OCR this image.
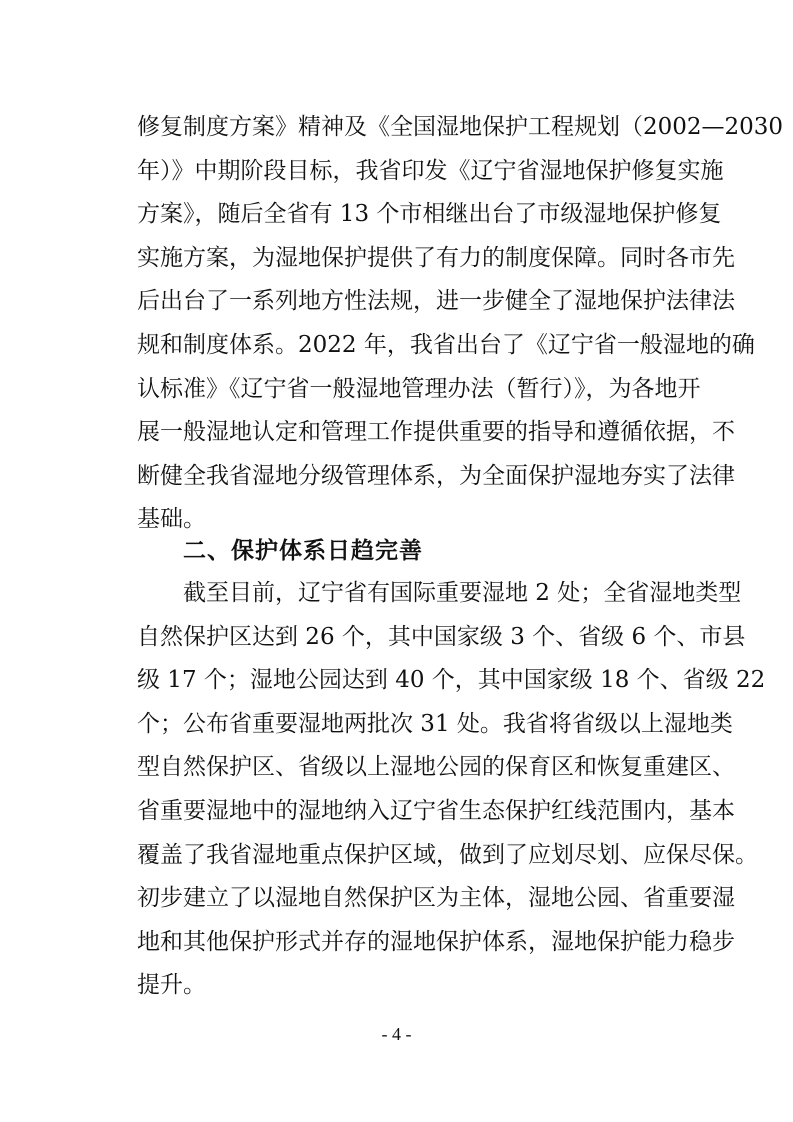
修复制度方案》精神及《全国湿地保护工程规划（2002—2030
年）》中期阶段目标，我省印发《辽宁省湿地保护修复实施
方案》，随后全省有 13 个市相继出台了市级湿地保护修复
实施方案，为湿地保护提供了有力的制度保障。同时各市先
后出台了一系列地方性法规，进一步健全了湿地保护法律法
规和制度体系。2022 年，我省出台了《辽宁省一般湿地的确
认标准》《辽宁省一般湿地管理办法（暂行）》，为各地开
展一般湿地认定和管理工作提供重要的指导和遵循依据，不
断健全我省湿地分级管理体系，为全面保护湿地夯实了法律
基础。
二、保护体系日趋完善
截至目前，辽宁省有国际重要湿地 2 处；全省湿地类型
自然保护区达到 26 个，其中国家级 3 个、省级 6 个、市县
级 17 个；湿地公园达到 40 个，其中国家级 18 个、省级 22
个；公布省重要湿地两批次 31 处。我省将省级以上湿地类
型自然保护区、省级以上湿地公园的保育区和恢复重建区、
省重要湿地中的湿地纳入辽宁省生态保护红线范围内，基本
覆盖了我省湿地重点保护区域，做到了应划尽划、应保尽保。
初步建立了以湿地自然保护区为主体，湿地公园、省重要湿
地和其他保护形式并存的湿地保护体系，湿地保护能力稳步
提升。
- 4 -
